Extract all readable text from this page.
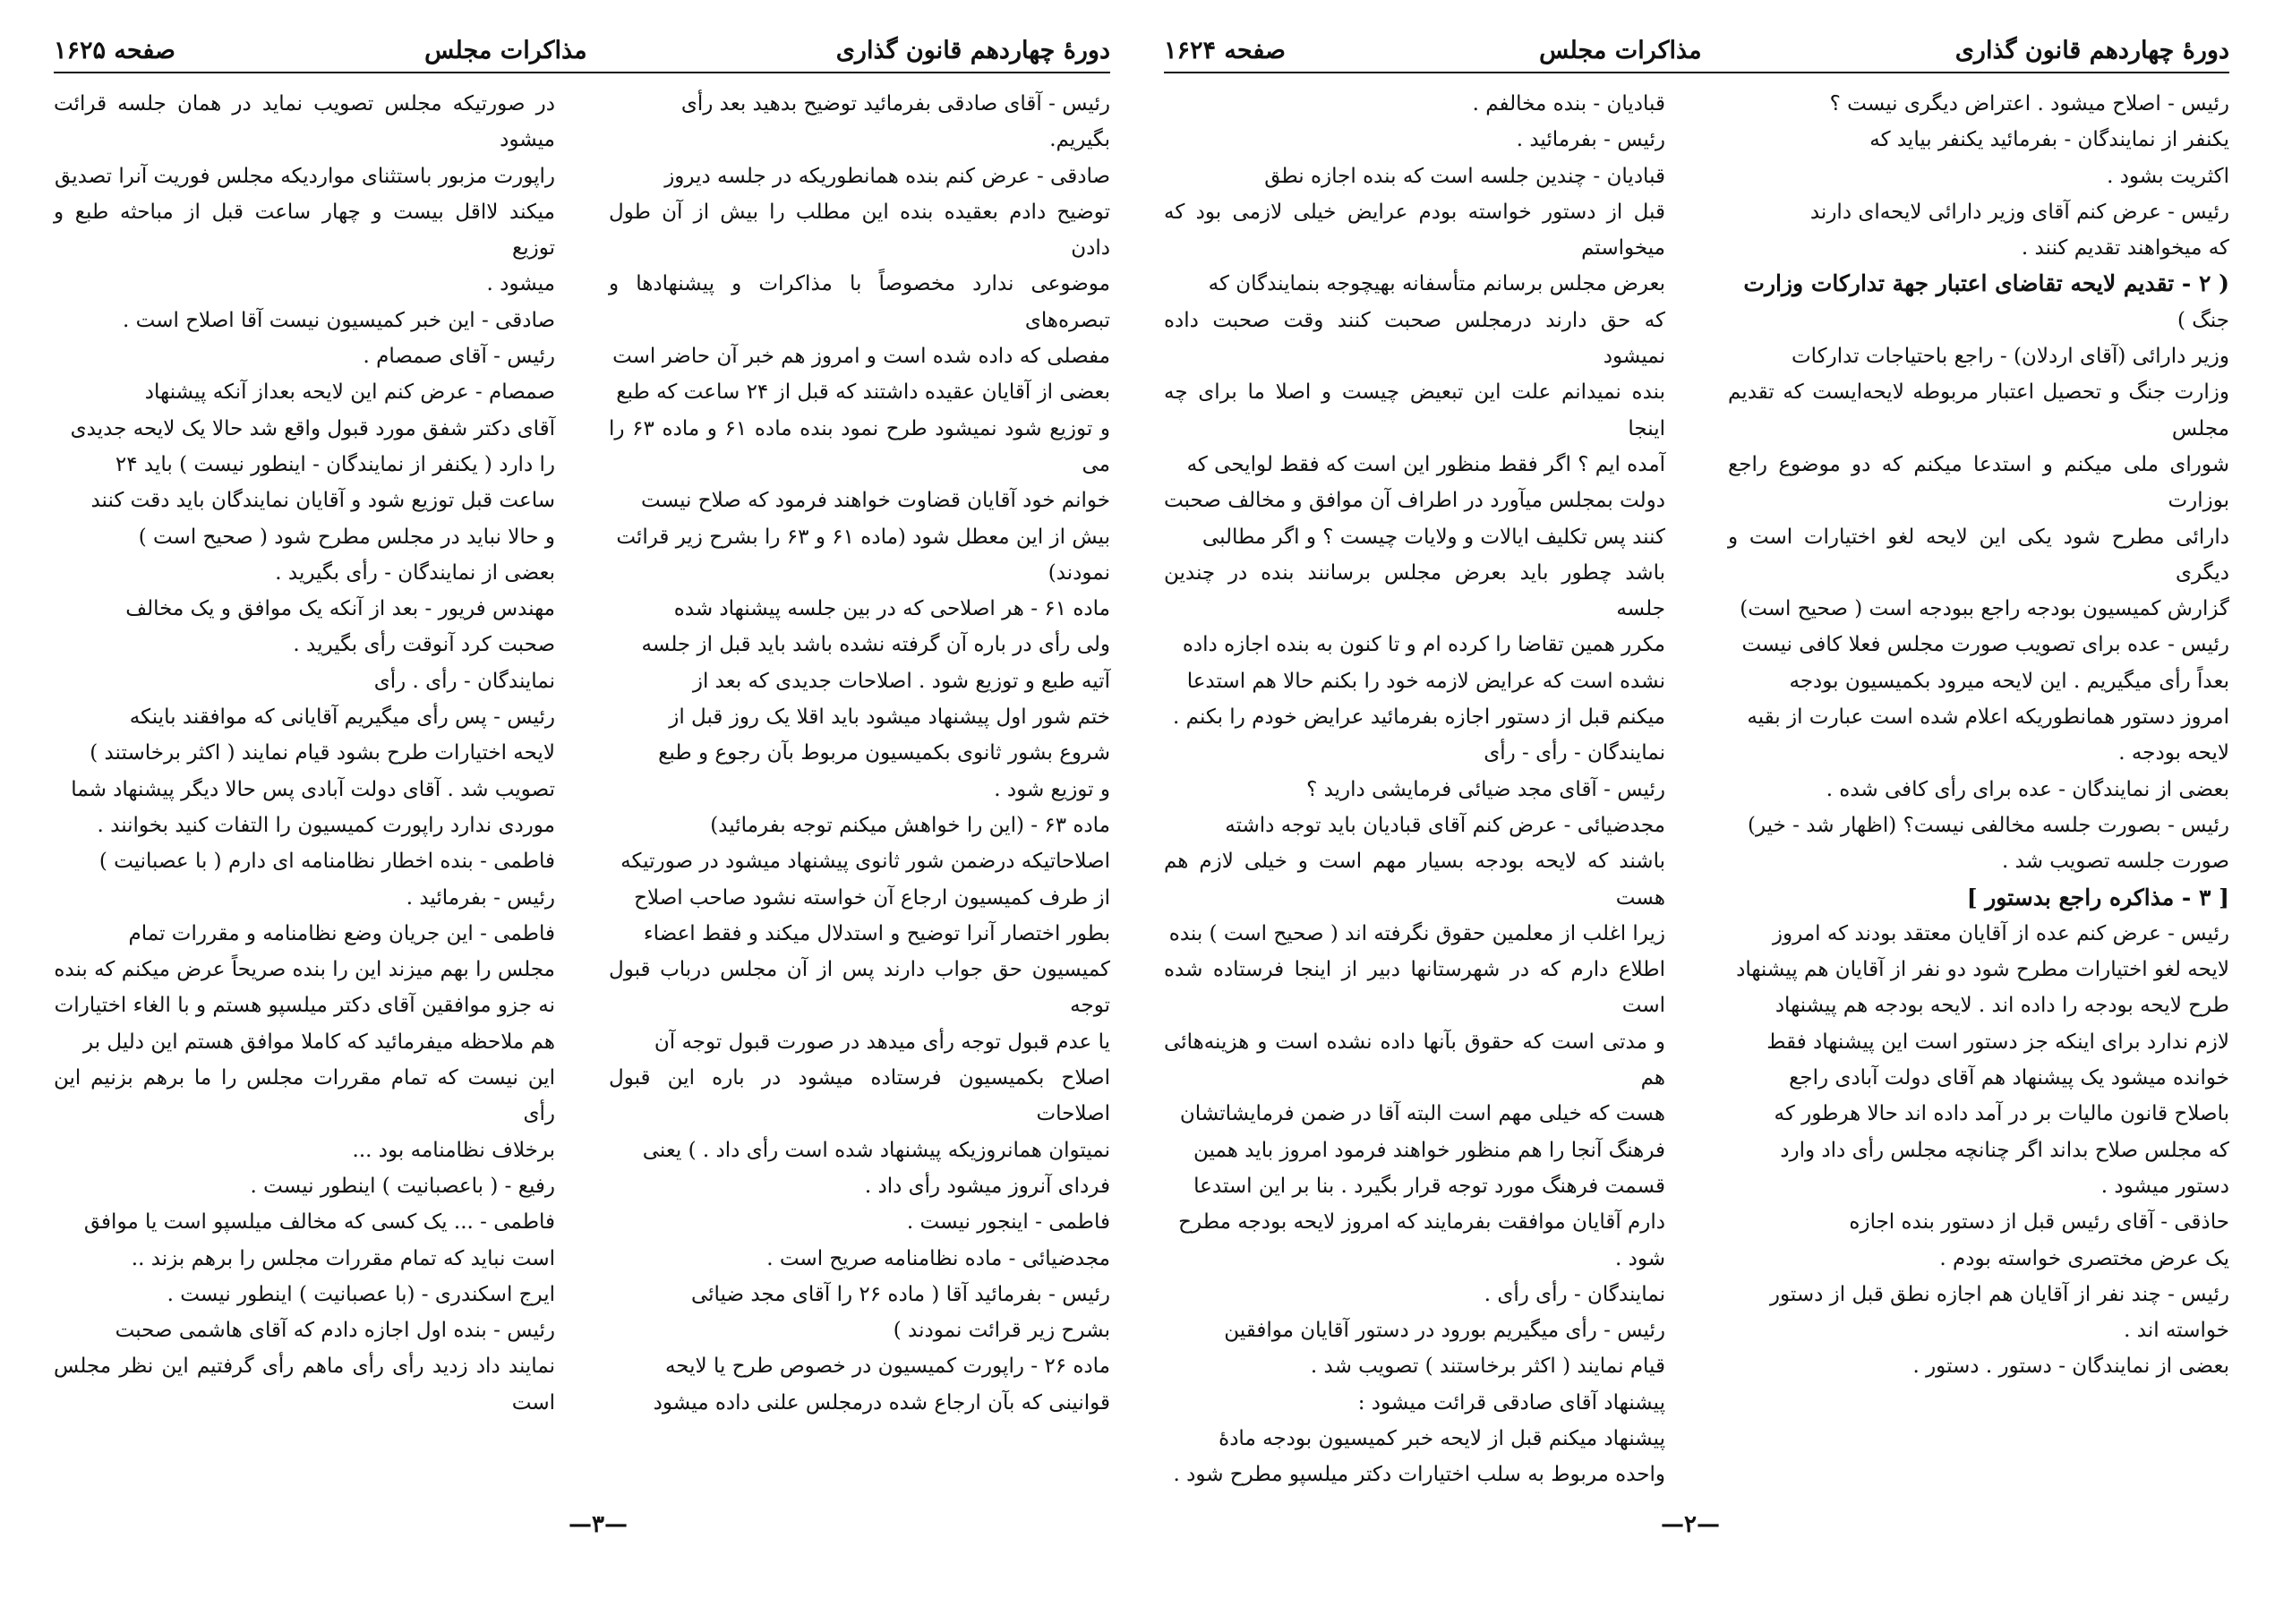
دورهٔ چهاردهم قانون گذاری
مذاکرات مجلس
صفحه ۱۶۲۵

رئیس - آقای صادقی بفرمائید توضیح بدهید بعد رأی

بگیریم.

صادقی - عرض کنم بنده همانطوریکه در جلسه دیروز

توضیح دادم بعقیده بنده این مطلب را بیش از آن طول دادن

موضوعی ندارد مخصوصاً با مذاکرات و پیشنهادها و تبصره‌های

مفصلی که داده شده است و امروز هم خبر آن حاضر است

بعضی از آقایان عقیده داشتند که قبل از ۲۴ ساعت که طبع

و توزیع شود نمیشود طرح نمود بنده ماده ۶۱ و ماده ۶۳ را می

خوانم خود آقایان قضاوت خواهند فرمود که صلاح نیست

بیش از این معطل شود (ماده ۶۱ و ۶۳ را بشرح زیر قرائت

نمودند)

ماده ۶۱ - هر اصلاحی که در بین جلسه پیشنهاد شده

ولی رأی در باره آن گرفته نشده باشد باید قبل از جلسه

آتیه طبع و توزیع شود . اصلاحات جدیدی که بعد از

ختم شور اول پیشنهاد میشود باید اقلا یک روز قبل از

شروع بشور ثانوی بکمیسیون مربوط بآن رجوع و طبع

و توزیع شود .

ماده ۶۳ - (این را خواهش میکنم توجه بفرمائید)

اصلاحاتیکه درضمن شور ثانوی پیشنهاد میشود در صورتیکه

از طرف کمیسیون ارجاع آن خواسته نشود صاحب اصلاح

بطور اختصار آنرا توضیح و استدلال میکند و فقط اعضاء

کمیسیون حق جواب دارند پس از آن مجلس درباب قبول توجه

یا عدم قبول توجه رأی میدهد در صورت قبول توجه آن

اصلاح بکمیسیون فرستاده میشود در باره این قبول اصلاحات

نمیتوان همانروزیکه پیشنهاد شده است رأی داد . ) یعنی

فردای آنروز میشود رأی داد .

فاطمی - اینجور نیست .

مجدضیائی - ماده نظامنامه صریح است .

رئیس - بفرمائید آقا ( ماده ۲۶ را آقای مجد ضیائی

بشرح زیر قرائت نمودند )

ماده ۲۶ - راپورت کمیسیون در خصوص طرح یا لایحه

قوانینی که بآن ارجاع شده درمجلس علنی داده میشود

در صورتیکه مجلس تصویب نماید در همان جلسه قرائت میشود

راپورت مزبور باستثنای مواردیکه مجلس فوریت آنرا تصدیق

میکند لااقل بیست و چهار ساعت قبل از مباحثه طبع و توزیع

میشود .

صادقی - این خبر کمیسیون نیست آقا اصلاح است .

رئیس - آقای صمصام .

صمصام - عرض کنم این لایحه بعداز آنکه پیشنهاد

آقای دکتر شفق مورد قبول واقع شد حالا یک لایحه جدیدی

را دارد ( یکنفر از نمایندگان - اینطور نیست ) باید ۲۴

ساعت قبل توزیع شود و آقایان نمایندگان باید دقت کنند

و حالا نباید در مجلس مطرح شود ( صحیح است )

بعضی از نمایندگان - رأی بگیرید .

مهندس فریور - بعد از آنکه یک موافق و یک مخالف

صحبت کرد آنوقت رأی بگیرید .

نمایندگان - رأی . رأی

رئیس - پس رأی میگیریم آقایانی که موافقند باینکه

لایحه اختیارات طرح بشود قیام نمایند ( اکثر برخاستند )

تصویب شد . آقای دولت آبادی پس حالا دیگر پیشنهاد شما

موردی ندارد راپورت کمیسیون را التفات کنید بخوانند .

فاطمی - بنده اخطار نظامنامه ای دارم ( با عصبانیت )

رئیس - بفرمائید .

فاطمی - این جریان وضع نظامنامه و مقررات تمام

مجلس را بهم میزند این را بنده صریحاً عرض میکنم که بنده

نه جزو موافقین آقای دکتر میلسپو هستم و با الغاء اختیارات

هم ملاحظه میفرمائید که کاملا موافق هستم این دلیل بر

این نیست که تمام مقررات مجلس را ما برهم بزنیم این رأی

برخلاف نظامنامه بود ...

رفیع - ( باعصبانیت ) اینطور نیست .

فاطمی - ... یک کسی که مخالف میلسپو است یا موافق

است نباید که تمام مقررات مجلس را برهم بزند ..

ایرج اسکندری - (با عصبانیت ) اینطور نیست .

رئیس - بنده اول اجازه دادم که آقای هاشمی صحبت

نمایند داد زدید رأی رأی ماهم رأی گرفتیم این نظر مجلس است

—۳—
دورهٔ چهاردهم قانون گذاری
مذاکرات مجلس
صفحه ۱۶۲۴

رئیس - اصلاح میشود . اعتراض دیگری نیست ؟

یکنفر از نمایندگان - بفرمائید یکنفر بیاید که

اکثریت بشود .

رئیس - عرض کنم آقای وزیر دارائی لایحه‌ای دارند

که میخواهند تقدیم کنند .

( ۲ - تقدیم لایحه تقاضای اعتبار جهة تدارکات وزارت

جنگ )

وزیر دارائی (آقای اردلان) - راجع باحتیاجات تدارکات

وزارت جنگ و تحصیل اعتبار مربوطه لایحه‌ایست که تقدیم مجلس

شورای ملی میکنم و استدعا میکنم که دو موضوع راجع بوزارت

دارائی مطرح شود یکی این لایحه لغو اختیارات است و دیگری

گزارش کمیسیون بودجه راجع ببودجه است ( صحیح است)

رئیس - عده برای تصویب صورت مجلس فعلا کافی نیست

بعداً رأی میگیریم . این لایحه میرود بکمیسیون بودجه

امروز دستور همانطوریکه اعلام شده است عبارت از بقیه

لایحه بودجه .

بعضی از نمایندگان - عده برای رأی کافی شده .

رئیس - بصورت جلسه مخالفی نیست؟ (اظهار شد - خیر)

صورت جلسه تصویب شد .

[ ۳ - مذاکره راجع بدستور ]

رئیس - عرض کنم عده از آقایان معتقد بودند که امروز

لایحه لغو اختیارات مطرح شود دو نفر از آقایان هم پیشنهاد

طرح لایحه بودجه را داده اند . لایحه بودجه هم پیشنهاد

لازم ندارد برای اینکه جز دستور است این پیشنهاد فقط

خوانده میشود یک پیشنهاد هم آقای دولت آبادی راجع

باصلاح قانون مالیات بر در آمد داده اند حالا هرطور که

که مجلس صلاح بداند اگر چنانچه مجلس رأی داد وارد

دستور میشود .

حاذقی - آقای رئیس قبل از دستور بنده اجازه

یک عرض مختصری خواسته بودم .

رئیس - چند نفر از آقایان هم اجازه نطق قبل از دستور

خواسته اند .

بعضی از نمایندگان - دستور . دستور .

قبادیان - بنده مخالفم .

رئیس - بفرمائید .

قبادیان - چندین جلسه است که بنده اجازه نطق

قبل از دستور خواسته بودم عرایض خیلی لازمی بود که میخواستم

بعرض مجلس برسانم متأسفانه بهیچوجه بنمایندگان که

که حق دارند درمجلس صحبت کنند وقت صحبت داده نمیشود

بنده نمیدانم علت این تبعیض چیست و اصلا ما برای چه اینجا

آمده ایم ؟ اگر فقط منظور این است که فقط لوایحی که

دولت بمجلس میآورد در اطراف آن موافق و مخالف صحبت

کنند پس تکلیف ایالات و ولایات چیست ؟ و اگر مطالبی

باشد چطور باید بعرض مجلس برسانند بنده در چندین جلسه

مکرر همین تقاضا را کرده ام و تا کنون به بنده اجازه داده

نشده است که عرایض لازمه خود را بکنم حالا هم استدعا

میکنم قبل از دستور اجازه بفرمائید عرایض خودم را بکنم .

نمایندگان - رأی - رأی

رئیس - آقای مجد ضیائی فرمایشی دارید ؟

مجدضیائی - عرض کنم آقای قبادیان باید توجه داشته

باشند که لایحه بودجه بسیار مهم است و خیلی لازم هم هست

زیرا اغلب از معلمین حقوق نگرفته اند ( صحیح است ) بنده

اطلاع دارم که در شهرستانها دبیر از اینجا فرستاده شده است

و مدتی است که حقوق بآنها داده نشده است و هزینه‌هائی هم

هست که خیلی مهم است البته آقا در ضمن فرمایشاتشان

فرهنگ آنجا را هم منظور خواهند فرمود امروز باید همین

قسمت فرهنگ مورد توجه قرار بگیرد . بنا بر این استدعا

دارم آقایان موافقت بفرمایند که امروز لایحه بودجه مطرح

شود .

نمایندگان - رأی رأی .

رئیس - رأی میگیریم بورود در دستور آقایان موافقین

قیام نمایند ( اکثر برخاستند ) تصویب شد .

پیشنهاد آقای صادقی قرائت میشود :

پیشنهاد میکنم قبل از لایحه خبر کمیسیون بودجه مادهٔ

واحده مربوط به سلب اختیارات دکتر میلسپو مطرح شود .

—۲—
